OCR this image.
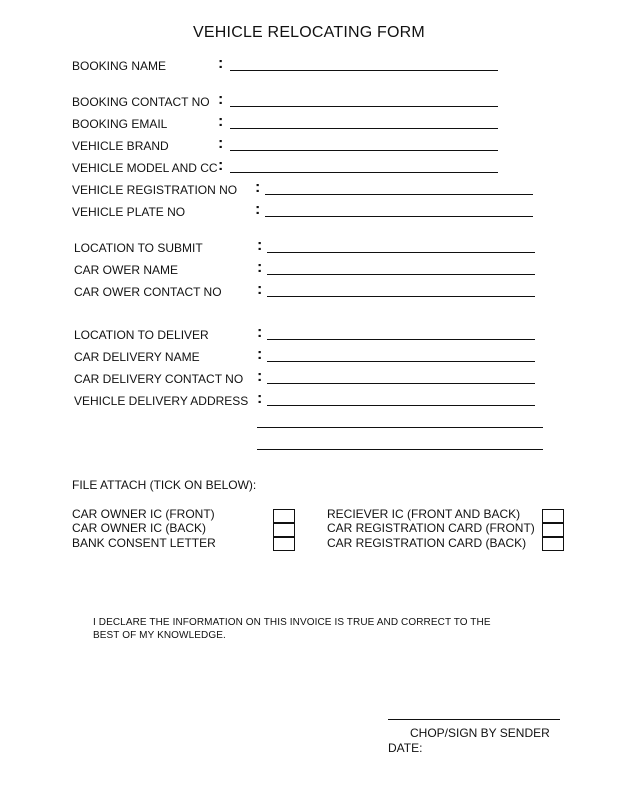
VEHICLE RELOCATING FORM
BOOKING NAME	:
BOOKING CONTACT NO :
BOOKING EMAIL	:
VEHICLE BRAND	:
VEHICLE MODEL AND CC :
VEHICLE REGISTRATION NO :
VEHICLE PLATE NO	:
LOCATION TO SUBMIT	:
CAR OWER NAME	:
CAR OWER CONTACT NO :
LOCATION TO DELIVER	:
CAR DELIVERY NAME	:
CAR DELIVERY CONTACT NO :
VEHICLE DELIVERY ADDRESS :
FILE ATTACH (TICK ON BELOW):
CAR OWNER IC (FRONT)
CAR OWNER IC (BACK)
BANK CONSENT LETTER
RECIEVER IC (FRONT AND BACK)
CAR REGISTRATION CARD (FRONT)
CAR REGISTRATION CARD (BACK)
I DECLARE THE INFORMATION ON THIS INVOICE IS TRUE AND CORRECT TO THE
BEST OF MY KNOWLEDGE.
CHOP/SIGN BY SENDER
DATE:
